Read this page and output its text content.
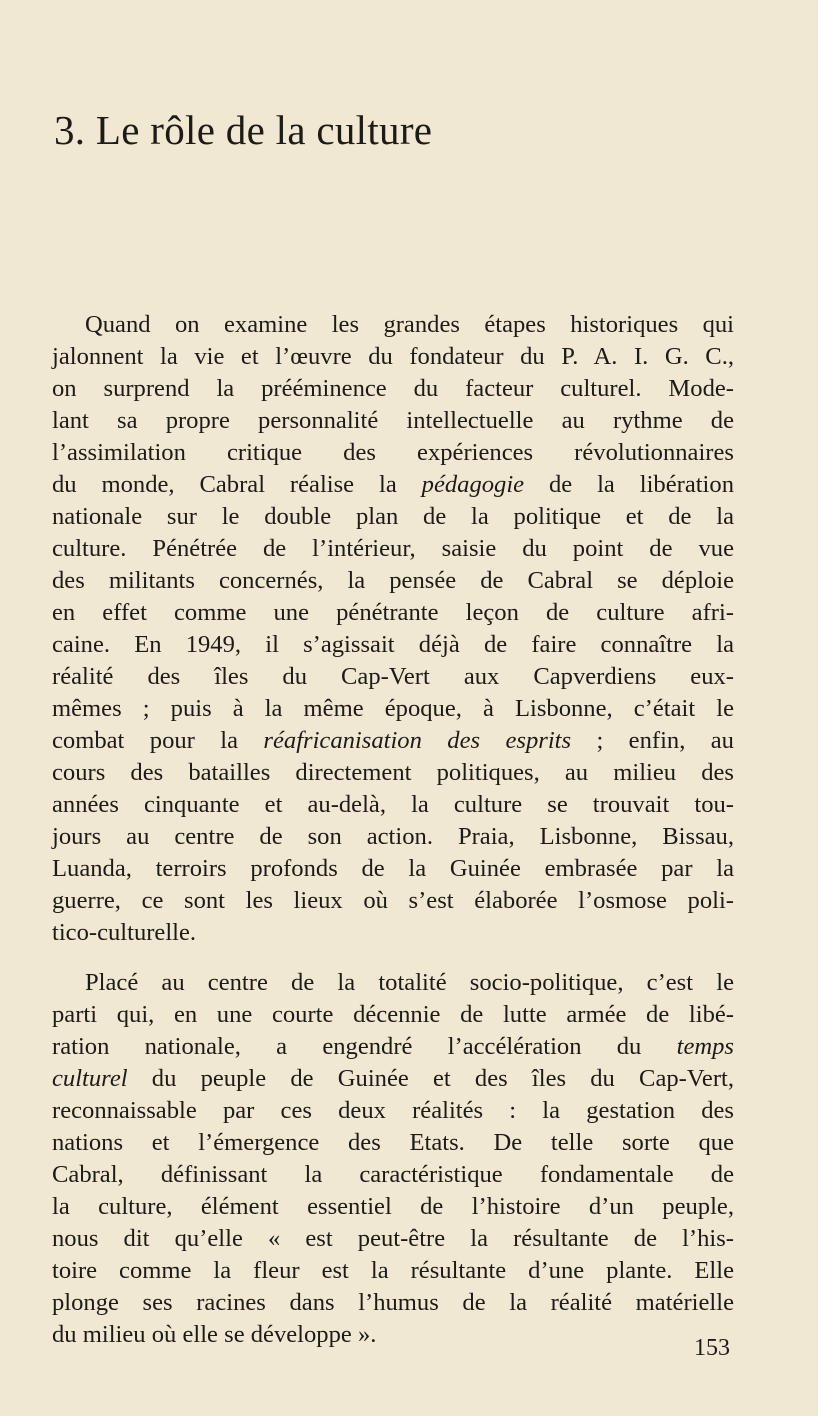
3. Le rôle de la culture

Quand on examine les grandes étapes historiques qui
jalonnent la vie et l’œuvre du fondateur du P. A. I. G. C.,
on surprend la prééminence du facteur culturel. Mode-
lant sa propre personnalité intellectuelle au rythme de
l’assimilation critique des expériences révolutionnaires
du monde, Cabral réalise la pédagogie de la libération
nationale sur le double plan de la politique et de la
culture. Pénétrée de l’intérieur, saisie du point de vue
des militants concernés, la pensée de Cabral se déploie
en effet comme une pénétrante leçon de culture afri-
caine. En 1949, il s’agissait déjà de faire connaître la
réalité des îles du Cap-Vert aux Capverdiens eux-
mêmes ; puis à la même époque, à Lisbonne, c’était le
combat pour la réafricanisation des esprits ; enfin, au
cours des batailles directement politiques, au milieu des
années cinquante et au-delà, la culture se trouvait tou-
jours au centre de son action. Praia, Lisbonne, Bissau,
Luanda, terroirs profonds de la Guinée embrasée par la
guerre, ce sont les lieux où s’est élaborée l’osmose poli-
tico-culturelle.

Placé au centre de la totalité socio-politique, c’est le
parti qui, en une courte décennie de lutte armée de libé-
ration nationale, a engendré l’accélération du temps
culturel du peuple de Guinée et des îles du Cap-Vert,
reconnaissable par ces deux réalités : la gestation des
nations et l’émergence des Etats. De telle sorte que
Cabral, définissant la caractéristique fondamentale de
la culture, élément essentiel de l’histoire d’un peuple,
nous dit qu’elle « est peut-être la résultante de l’his-
toire comme la fleur est la résultante d’une plante. Elle
plonge ses racines dans l’humus de la réalité matérielle
du milieu où elle se développe ».	153
